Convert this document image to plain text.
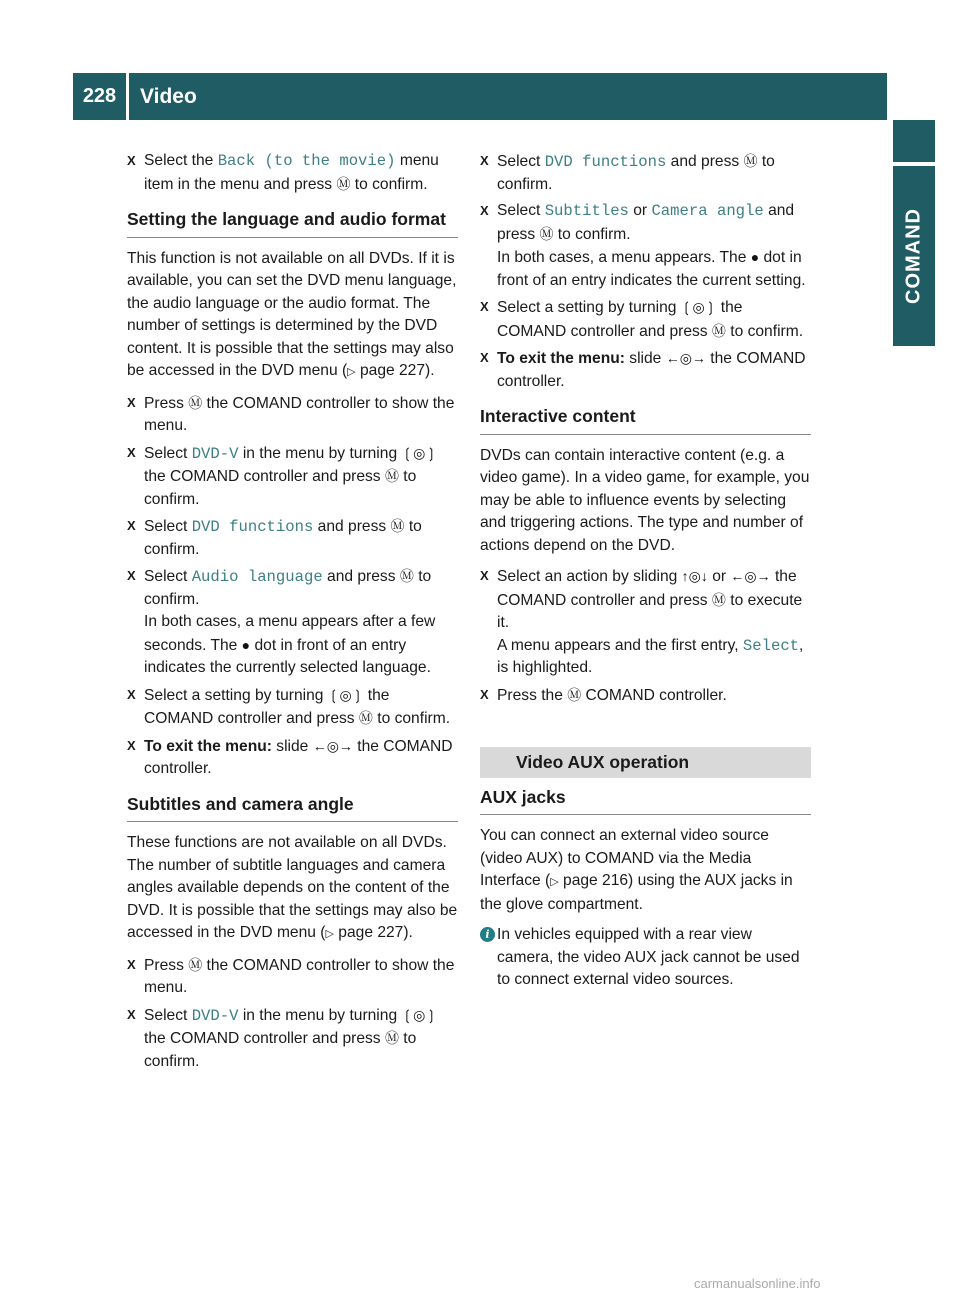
228	Video
COMAND
X Select the Back (to the movie) menu item in the menu and press Ⓜ to confirm.
Setting the language and audio format
This function is not available on all DVDs. If it is available, you can set the DVD menu language, the audio language or the audio format. The number of settings is determined by the DVD content. It is possible that the settings may also be accessed in the DVD menu (▷ page 227).
X Press Ⓜ the COMAND controller to show the menu.
X Select DVD-V in the menu by turning ❲◎❳ the COMAND controller and press Ⓜ to confirm.
X Select DVD functions and press Ⓜ to confirm.
X Select Audio language and press Ⓜ to confirm.
In both cases, a menu appears after a few seconds. The ● dot in front of an entry indicates the currently selected language.
X Select a setting by turning ❲◎❳ the COMAND controller and press Ⓜ to confirm.
X To exit the menu: slide ←◎→ the COMAND controller.
Subtitles and camera angle
These functions are not available on all DVDs. The number of subtitle languages and camera angles available depends on the content of the DVD. It is possible that the settings may also be accessed in the DVD menu (▷ page 227).
X Press Ⓜ the COMAND controller to show the menu.
X Select DVD-V in the menu by turning ❲◎❳ the COMAND controller and press Ⓜ to confirm.
X Select DVD functions and press Ⓜ to confirm.
X Select Subtitles or Camera angle and press Ⓜ to confirm.
In both cases, a menu appears. The ● dot in front of an entry indicates the current setting.
X Select a setting by turning ❲◎❳ the COMAND controller and press Ⓜ to confirm.
X To exit the menu: slide ←◎→ the COMAND controller.
Interactive content
DVDs can contain interactive content (e.g. a video game). In a video game, for example, you may be able to influence events by selecting and triggering actions. The type and number of actions depend on the DVD.
X Select an action by sliding ↑◎↓ or ←◎→ the COMAND controller and press Ⓜ to execute it.
A menu appears and the first entry, Select, is highlighted.
X Press the Ⓜ COMAND controller.
Video AUX operation
AUX jacks
You can connect an external video source (video AUX) to COMAND via the Media Interface (▷ page 216) using the AUX jacks in the glove compartment.
i In vehicles equipped with a rear view camera, the video AUX jack cannot be used to connect external video sources.
carmanualsonline.info
